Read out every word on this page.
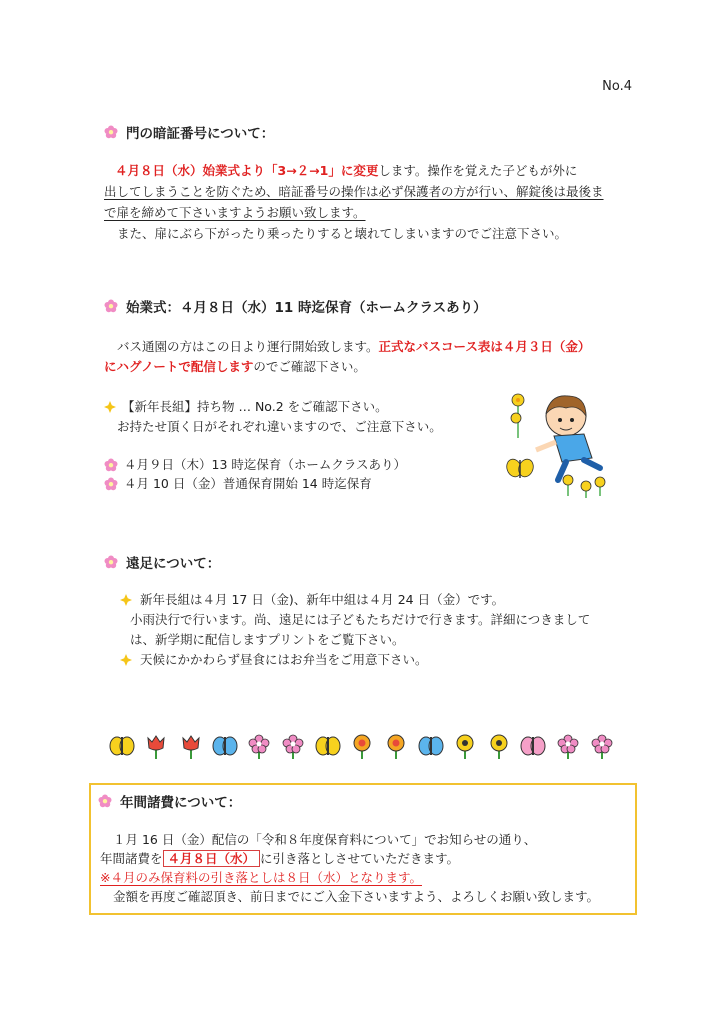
No.4
門の暗証番号について：
４月８日（水）始業式より「3→２→1」に変更します。操作を覚えた子どもが外に
出してしまうことを防ぐため、暗証番号の操作は必ず保護者の方が行い、解錠後は最後ま
で扉を締めて下さいますようお願い致します。
また、扉にぶら下がったり乗ったりすると壊れてしまいますのでご注意下さい。
始業式：４月８日（水）11 時迄保育（ホームクラスあり）
バス通園の方はこの日より運行開始致します。正式なバスコース表は４月３日（金）
にハグノートで配信しますのでご確認下さい。
【新年長組】持ち物 … No.2 をご確認下さい。
お持たせ頂く日がそれぞれ違いますので、ご注意下さい。
４月９日（木）13 時迄保育（ホームクラスあり）
４月 10 日（金）普通保育開始 14 時迄保育
遠足について：
新年長組は４月 17 日（金)、新年中組は４月 24 日（金）です。
小雨決行で行います。尚、遠足には子どもたちだけで行きます。詳細につきまして
は、新学期に配信しますプリントをご覧下さい。
天候にかかわらず昼食にはお弁当をご用意下さい。
年間諸費について：
１月 16 日（金）配信の「令和８年度保育料について」でお知らせの通り、
年間諸費を ４月８日（水） に引き落としさせていただきます。
※４月のみ保育料の引き落としは８日（水）となります。
金額を再度ご確認頂き、前日までにご入金下さいますよう、よろしくお願い致します。
